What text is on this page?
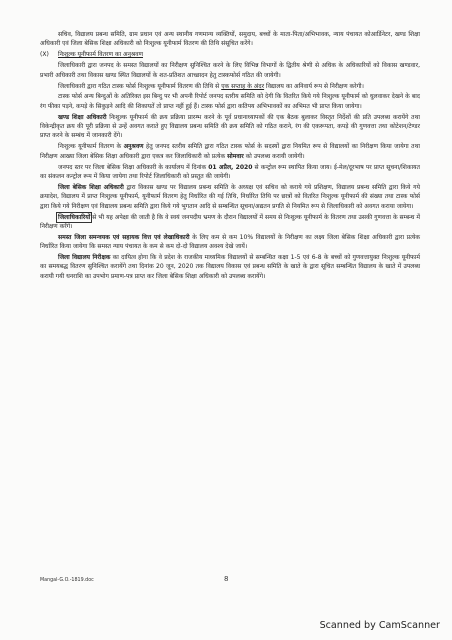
सचिव, विद्यालय प्रबन्ध समिति, ग्राम प्रधान एवं अन्य स्थानीय गणमान्य व्यक्तियों, समुदाय, बच्चों के माता-पिता/अभिभावक, न्याय पंचायत कोआर्डिनेटर, खण्ड शिक्षा अधिकारी एवं जिला बेसिक शिक्षा अधिकारी को निःशुल्क यूनीफार्म वितरण की तिथि संसूचित करेंगे।

(X) निःशुल्क यूनीफार्म वितरण का अनुश्रवण

जिलाधिकारी द्वारा जनपद के समस्त विद्यालयों का निरीक्षण सुनिश्चित करने के लिए विभिन्न विभागों के द्वितीय श्रेणी से अधिक के अधिकारियों को विकास खण्डवार, प्रभारी अधिकारी तथा विकास खण्ड स्थित विद्यालयों के शत-प्रतिशत आच्छादन हेतु टास्कफोर्स गठित की जायेगी।

जिलाधिकारी द्वारा गठित टास्क फोर्स निःशुल्क यूनीफार्म वितरण की तिथि से एक सप्ताह के अंदर विद्यालय का अनिवार्य रूप से निरीक्षण करेगी।

टास्क फोर्स अन्य बिन्दुओं के अतिरिक्त इस बिन्दु पर भी अपनी रिपोर्ट जनपद स्तरीय समिति को देगी कि वितरित किये गये निःशुल्क यूनीफार्म को धुलवाकर देखने के बाद रंग फीका पड़ने, कपड़े के सिकुड़ने आदि की शिकायतें तो प्राप्त नहीं हुई हैं। टास्क फोर्स द्वारा कतिपय अभिभावकों का अभिमत भी प्राप्त किया जायेगा।

खण्ड शिक्षा अधिकारी निःशुल्क यूनीफार्म की क्रय प्रक्रिया प्रारम्भ करने के पूर्व प्रधानाध्यापकों की एक बैठक बुलाकर विस्तृत निर्देशों की प्रति उपलब्ध करायेंगे तथा विकेन्द्रीकृत क्रय की पूरी प्रक्रिया से उन्हें अवगत कराते हुए विद्यालय प्रबन्ध समिति की क्रय समिति को गठित कराने, रंग की एकरूपता, कपड़े की गुणवत्ता तथा कोटेशन/टेण्डर प्राप्त करने के सम्बंध में जानकारी देंगे।

निःशुल्क यूनीफार्म वितरण के अनुश्रवण हेतु जनपद स्तरीय समिति द्वारा गठित टास्क फोर्स के सदस्यों द्वारा नियमित रूप से विद्यालयों का निरीक्षण किया जायेगा तथा निरीक्षण आख्या जिला बेसिक शिक्षा अधिकारी द्वारा एकत्र कर जिलाधिकारी को प्रत्येक सोमवार को उपलब्ध करायी जायेगी।

जनपद स्तर पर जिला बेसिक शिक्षा अधिकारी के कार्यालय में दिनांक 01 अप्रैल, 2020 से कन्ट्रोल रूम स्थापित किया जाय। ई-मेल/दूरभाष पर प्राप्त सूचना/शिकायत का संकलन कन्ट्रोल रूम में किया जायेगा तथा रिपोर्ट जिलाधिकारी को प्रस्तुत की जायेगी।

जिला बेसिक शिक्षा अधिकारी द्वारा विकास खण्ड पर विद्यालय प्रबन्ध समिति के अध्यक्ष एवं सचिव को कराये गये प्रशिक्षण, विद्यालय प्रबन्ध समिति द्वारा किये गये क्रयादेश, विद्यालय में प्राप्त निःशुल्क यूनीफार्म, यूनीफार्म वितरण हेतु निर्धारित की गई तिथि, निर्धारित तिथि पर छात्रों को वितरित निःशुल्क यूनीफार्म की संख्या तथा टास्क फोर्स द्वारा किये गये निरीक्षण एवं विद्यालय प्रबन्ध समिति द्वारा किये गये भुगतान आदि से सम्बन्धित सूचना/अद्यतन प्रगति से नियमित रूप से जिलाधिकारी को अवगत कराया जायेगा।

जिलाधिकारियों से भी यह अपेक्षा की जाती है कि वे स्वयं जनपदीय भ्रमण के दौरान विद्यालयों में समय से निःशुल्क यूनीफार्म के वितरण तथा उसकी गुणवत्ता के सम्बन्ध में निरीक्षण करेंगे।

समस्त जिला समन्वयक एवं सहायक वित्त एवं लेखाधिकारी के लिए कम से कम 10% विद्यालयों के निरीक्षण का लक्ष्य जिला बेसिक शिक्षा अधिकारी द्वारा प्रत्येक निर्धारित किया जायेगा कि समस्त न्याय पंचायत के कम से कम दो-दो विद्यालय अवश्य देखे जायें।

जिला विद्यालय निरीक्षक का दायित्व होगा कि वे प्रदेश के राजकीय माध्यमिक विद्यालयों से सम्बन्धित कक्षा 1-5 एवं 6-8 के बच्चों को गुणवत्तायुक्त निःशुल्क यूनीफार्म का समयबद्ध वितरण सुनिश्चित करायेंगे तथा दिनांक 20 जून, 2020 तक विद्यालय विकास एवं प्रबन्ध समिति के खाते के द्वारा सूचित सम्बन्धित विद्यालय के खाते में उपलब्ध करायी गयी धनराशि का उपभोग प्रमाण-पत्र प्राप्त कर जिला बेसिक शिक्षा अधिकारी को उपलब्ध करायेंगे।

Mangal-G.O.-1819.doc	8
Scanned by CamScanner
